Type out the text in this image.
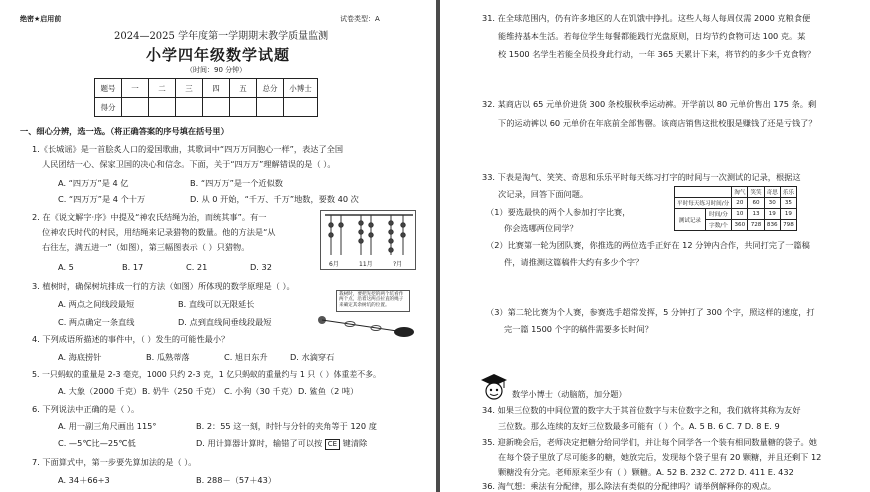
绝密★启用前	试卷类型：A
2024—2025 学年度第一学期期末教学质量监测
小学四年级数学试题
（时间：90 分钟）
题号	一	二	三	四	五	总分	小博士
得分							
一、细心分辨，选一选。（将正确答案的序号填在括号里）
1.《长城谣》是一首脍炙人口的爱国歌曲，其歌词中“四万万同胞心一样”，表达了全国
人民团结一心、保家卫国的决心和信念。下面，关于“四万万”理解错误的是（ ）。
A. “四万万”是 4 亿	B. “四万万”是一个近似数
C. “四万万”是 4 个十万	D. 从 0 开始，“千万、千万”地数，要数 40 次
2. 在《说文解字·序》中提及“神农氏结绳为治，而统其事”。有一
位神农氏时代的村民，用结绳来记录猎物的数量。他的方法是“从
右往左，满五进一”（如图），第三幅图表示（ ）只猎物。
A. 5	B. 17	C. 21	D. 32	6月	11月	?月
3. 植树时，确保树坑排成一行的方法（如图）所体现的数学原理是（ ）。
A. 两点之间线段最短	B. 直线可以无限延长
C. 两点确定一条直线	D. 点到直线间垂线段最短
栽树时，要把先挖的两个坑看作两个点，沿着这两点拉直的绳子来确定其余树坑的位置。
4. 下列成语所描述的事件中，（ ）发生的可能性最小？
A. 海底捞针	B. 瓜熟蒂落	C. 旭日东升	D. 水滴穿石
5. 一只蚂蚁的重量是 2-3 毫克，1000 只约 2-3 克，1 亿只蚂蚁的重量约与 1 只（ ）体重差不多。
A. 大象（2000 千克） B. 奶牛（250 千克） C. 小狗（30 千克） D. 鲨鱼（2 吨）
6. 下列说法中正确的是（ ）。
A. 用一副三角尺画出 115°	B. 2：55 这一刻，时针与分针的夹角等于 120 度
C. —5℃比—25℃低	D. 用计算器计算时，输错了可以按 CE 键清除
7. 下面算式中，第一步要先算加法的是（ ）。
A. 34＋66÷3	B. 288－（57＋43）
31. 在全球范围内，仍有许多地区的人在饥饿中挣扎。这些人每人每周仅需 2000 克粮食便
能维持基本生活。若每位学生每餐都能践行光盘原则，日均节约食物可达 100 克。某
校 1500 名学生若能全员投身此行动，一年 365 天累计下来，将节约的多少千克食物？
32. 某商店以 65 元单价进货 300 条校服秋季运动裤。开学前以 80 元单价售出 175 条。剩
下的运动裤以 60 元单价在年底前全部售罄。该商店销售这批校服是赚钱了还是亏钱了？
33. 下表是淘气、笑笑、奇思和乐乐平时每天练习打字的时间与一次测试的记录，根据这
次记录，回答下面问题。
（1）要选最快的两个人参加打字比赛，
你会选哪两位同学？
（2）比赛第一轮为团队赛，你推选的两位选手正好在 12 分钟内合作，共同打完了一篇稿
件，请推测这篇稿件大约有多少个字？
（3）第二轮比赛为个人赛，参赛选手超常发挥，5 分钟打了 300 个字，照这样的速度，打
完一篇 1500 个字的稿件需要多长时间？
数学小博士（动脑筋，加分题）
34. 如果三位数的中间位置的数字大于其首位数字与末位数字之和，我们就将其称为友好
三位数。那么连续的友好三位数最多可能有（ ）个。A. 5 B. 6 C. 7 D. 8 E. 9
35. 迎新晚会后，老师决定把糖分给同学们，并让每个同学各一个装有相同数量糖的袋子。她
在每个袋子里放了尽可能多的糖，她放完后，发现每个袋子里有 20 颗糖，并且还剩下 12
颗糖没有分完。老师原来至少有（ ）颗糖。A. 52 B. 232 C. 272 D. 411 E. 432
36. 淘气想：乘法有分配律，那么除法有类似的分配律吗？请举例解释你的观点。
		淘气	笑笑	奇思	乐乐
平时每天练习时间/分		20	60	30	35
测试记录	时间/分	10	13	19	19
	字数/个	360	728	836	798
